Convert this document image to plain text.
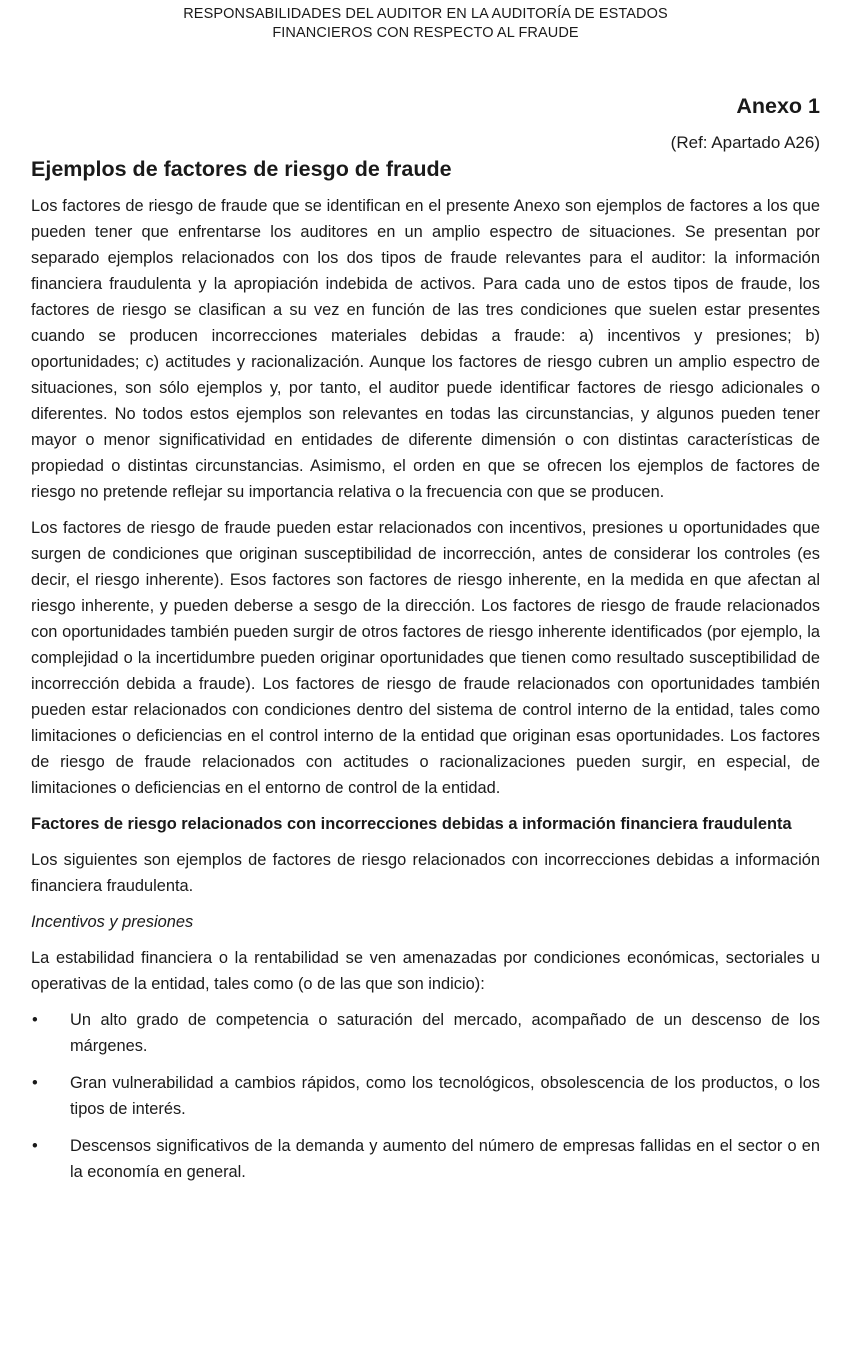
RESPONSABILIDADES DEL AUDITOR EN LA AUDITORÍA DE ESTADOS
FINANCIEROS CON RESPECTO AL FRAUDE
Anexo 1
(Ref: Apartado A26)
Ejemplos de factores de riesgo de fraude

Los factores de riesgo de fraude que se identifican en el presente Anexo son ejemplos de factores a los que pueden tener que enfrentarse los auditores en un amplio espectro de situaciones. Se presentan por separado ejemplos relacionados con los dos tipos de fraude relevantes para el auditor: la información financiera fraudulenta y la apropiación indebida de activos. Para cada uno de estos tipos de fraude, los factores de riesgo se clasifican a su vez en función de las tres condiciones que suelen estar presentes cuando se producen incorrecciones materiales debidas a fraude: a) incentivos y presiones; b) oportunidades; c) actitudes y racionalización. Aunque los factores de riesgo cubren un amplio espectro de situaciones, son sólo ejemplos y, por tanto, el auditor puede identificar factores de riesgo adicionales o diferentes. No todos estos ejemplos son relevantes en todas las circunstancias, y algunos pueden tener mayor o menor significatividad en entidades de diferente dimensión o con distintas características de propiedad o distintas circunstancias. Asimismo, el orden en que se ofrecen los ejemplos de factores de riesgo no pretende reflejar su importancia relativa o la frecuencia con que se producen.

Los factores de riesgo de fraude pueden estar relacionados con incentivos, presiones u oportunidades que surgen de condiciones que originan susceptibilidad de incorrección, antes de considerar los controles (es decir, el riesgo inherente). Esos factores son factores de riesgo inherente, en la medida en que afectan al riesgo inherente, y pueden deberse a sesgo de la dirección. Los factores de riesgo de fraude relacionados con oportunidades también pueden surgir de otros factores de riesgo inherente identificados (por ejemplo, la complejidad o la incertidumbre pueden originar oportunidades que tienen como resultado susceptibilidad de incorrección debida a fraude). Los factores de riesgo de fraude relacionados con oportunidades también pueden estar relacionados con condiciones dentro del sistema de control interno de la entidad, tales como limitaciones o deficiencias en el control interno de la entidad que originan esas oportunidades. Los factores de riesgo de fraude relacionados con actitudes o racionalizaciones pueden surgir, en especial, de limitaciones o deficiencias en el entorno de control de la entidad.

Factores de riesgo relacionados con incorrecciones debidas a información financiera fraudulenta

Los siguientes son ejemplos de factores de riesgo relacionados con incorrecciones debidas a información financiera fraudulenta.

Incentivos y presiones

La estabilidad financiera o la rentabilidad se ven amenazadas por condiciones económicas, sectoriales u operativas de la entidad, tales como (o de las que son indicio):

• Un alto grado de competencia o saturación del mercado, acompañado de un descenso de los márgenes.
• Gran vulnerabilidad a cambios rápidos, como los tecnológicos, obsolescencia de los productos, o los tipos de interés.
• Descensos significativos de la demanda y aumento del número de empresas fallidas en el sector o en la economía en general.
